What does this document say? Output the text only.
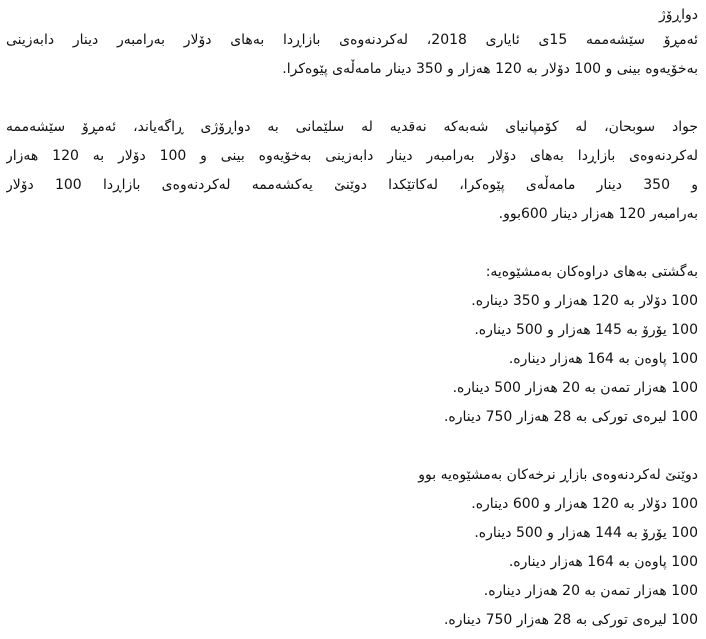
دواڕۆژ
ئەمڕۆ سێشەممە 15ی ئایاری 2018، لەکردنەوەی بازاڕدا بەهای دۆلار بەرامبەر دینار دابەزینی
بەخۆیەوە بینی و 100 دۆلار بە 120 هەزار و 350 دینار مامەڵەی پێوەکرا.
جواد سوبحان، لە کۆمپانیای شەبەکە نەقدیە لە سلێمانی بە دواڕۆژی ڕاگەیاند، ئەمڕۆ سێشەممە
لەکردنەوەی بازاڕدا بەهای دۆلار بەرامبەر دینار دابەزینی بەخۆیەوە بینی و 100 دۆلار بە 120 هەزار
و 350 دینار مامەڵەی پێوەکرا، لەکاتێکدا دوێنێ یەکشەممە لەکردنەوەی بازاڕدا 100 دۆلار
بەرامبەر 120 هەزار دینار 600بوو.
بەگشتی بەهای دراوەکان بەمشێوەیە:
100 دۆلار بە 120 هەزار و 350 دینارە.
100 یۆرۆ بە 145 هەزار و 500 دینارە.
100 پاوەن بە 164 هەزار دینارە.
100 هەزار تمەن بە 20 هەزار 500 دینارە.
100 لیرەی تورکی بە 28 هەزار 750 دینارە.
دوێنێ لەکردنەوەی بازاڕ نرخەکان بەمشێوەیە بوو
100 دۆلار بە 120 هەزار و 600 دینارە.
100 یۆرۆ بە 144 هەزار و 500 دینارە.
100 پاوەن بە 164 هەزار دینارە.
100 هەزار تمەن بە 20 هەزار دینارە.
100 لیرەی تورکی بە 28 هەزار 750 دینارە.
